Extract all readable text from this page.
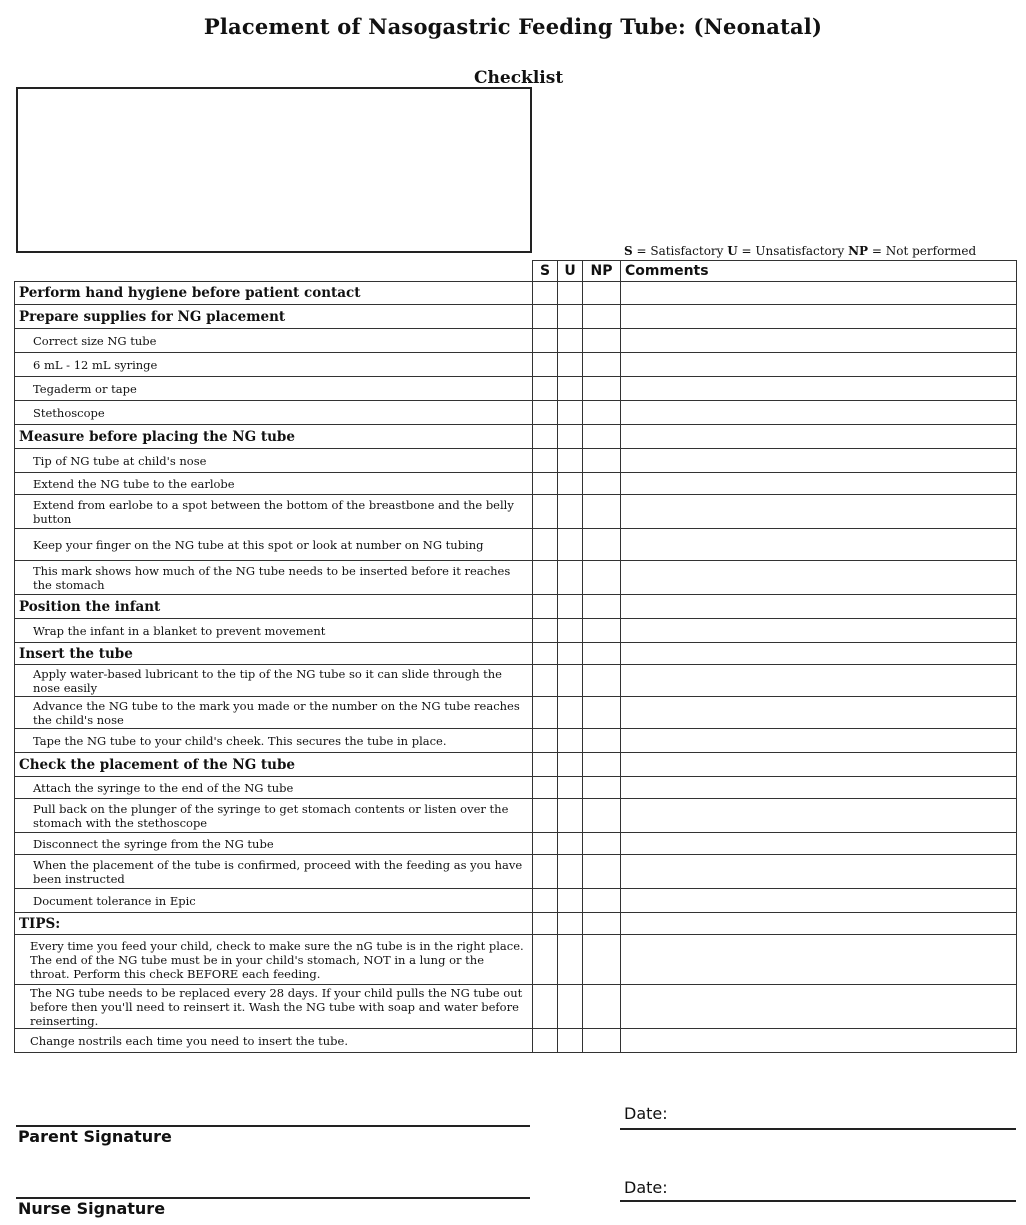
Placement of Nasogastric Feeding Tube: (Neonatal)
Checklist
S = Satisfactory U = Unsatisfactory NP = Not performed
	S	U	NP	Comments
Perform hand hygiene before patient contact				
Prepare supplies for NG placement				
Correct size NG tube				
6 mL - 12 mL syringe				
Tegaderm or tape				
Stethoscope				
Measure before placing the NG tube				
Tip of NG tube at child's nose				
Extend the NG tube to the earlobe				
Extend from earlobe to a spot between the bottom of the breastbone and the belly button				
Keep your finger on the NG tube at this spot or look at number on NG tubing				
This mark shows how much of the NG tube needs to be inserted before it reaches the stomach				
Position the infant				
Wrap the infant in a blanket to prevent movement				
Insert the tube				
Apply water-based lubricant to the tip of the NG tube so it can slide through the nose easily				
Advance the NG tube to the mark you made or the number on the NG tube reaches the child's nose				
Tape the NG tube to your child's cheek. This secures the tube in place.				
Check the placement of the NG tube				
Attach the syringe to the end of the NG tube				
Pull back on the plunger of the syringe to get stomach contents or listen over the stomach with the stethoscope				
Disconnect the syringe from the NG tube				
When the placement of the tube is confirmed, proceed with the feeding as you have been instructed				
Document tolerance in Epic				
TIPS:				
Every time you feed your child, check to make sure the nG tube is in the right place. The end of the NG tube must be in your child's stomach, NOT in a lung or the throat. Perform this check BEFORE each feeding.				
The NG tube needs to be replaced every 28 days. If your child pulls the NG tube out before then you'll need to reinsert it. Wash the NG tube with soap and water before reinserting.				
Change nostrils each time you need to insert the tube.				
Parent Signature
Date:
Nurse Signature
Date:
